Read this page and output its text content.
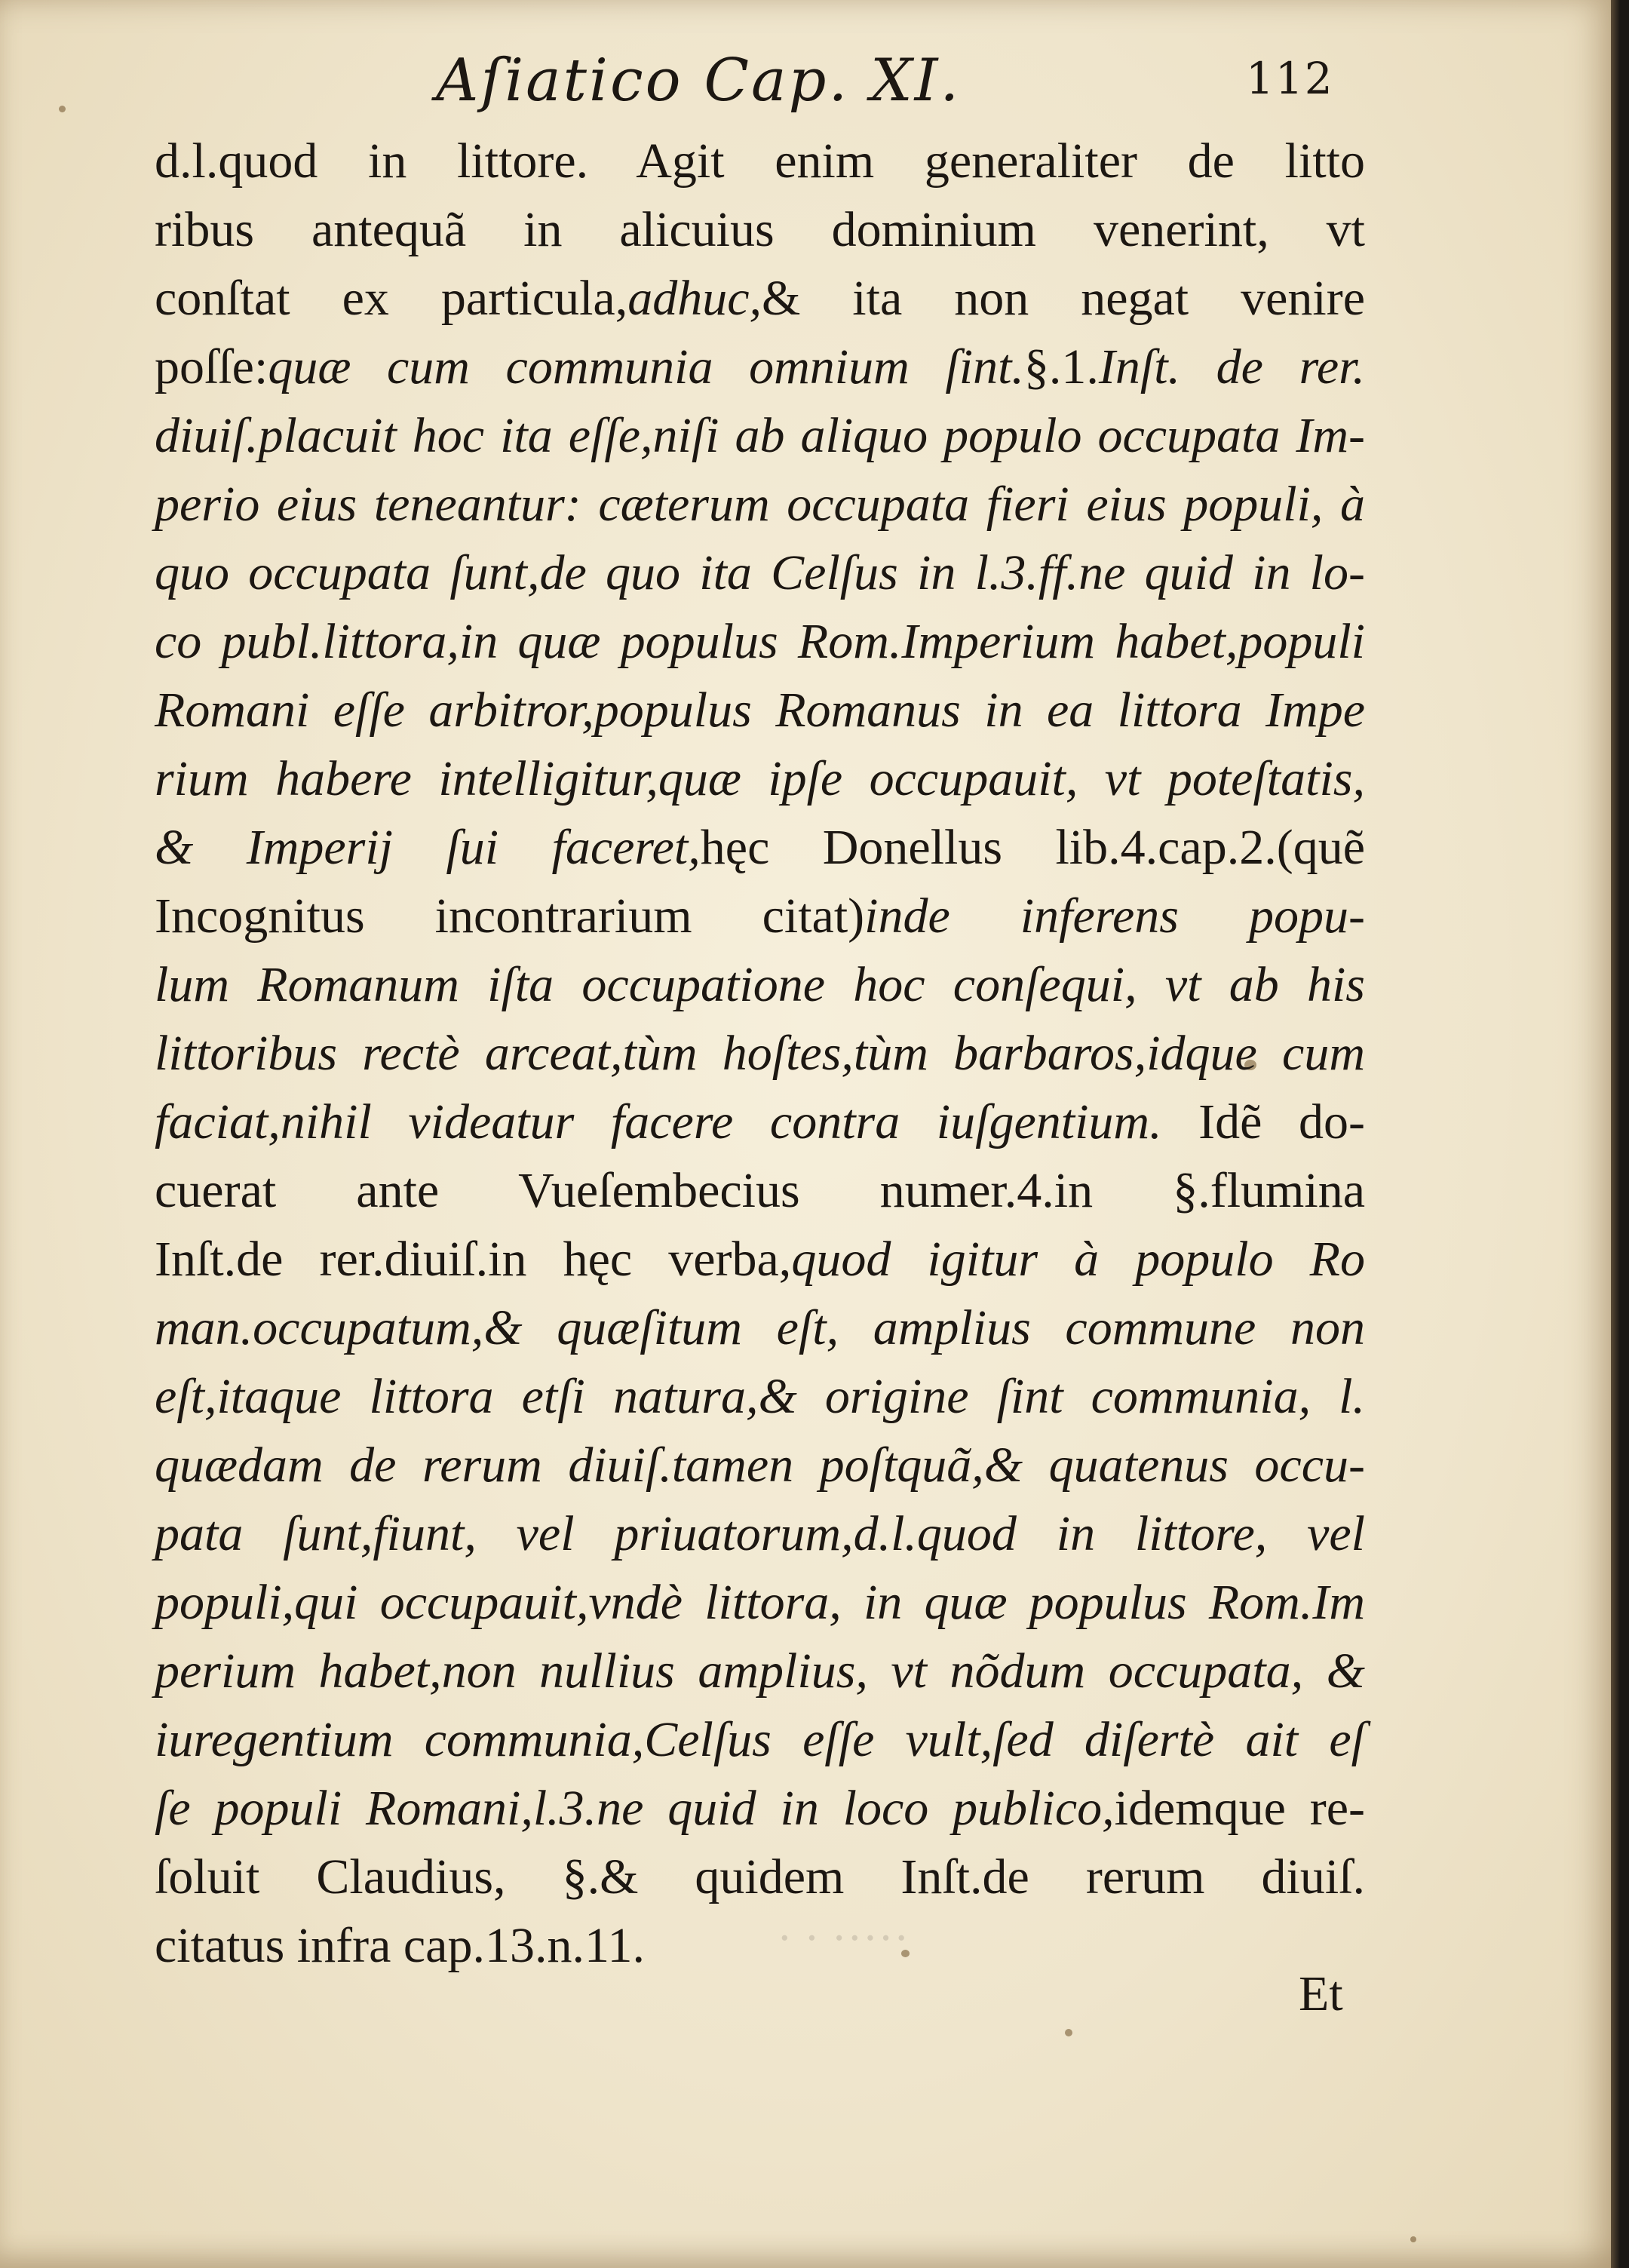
····· · ·
Aſiatico Cap. XI.	112
d.l.quod in littore. Agit enim generaliter de litto
ribus antequã in alicuius dominium venerint, vt
conſtat ex particula,adhuc,& ita non negat venire
poſſe:quæ cum communia omnium ſint.§.1.Inſt. de rer.
diuiſ.placuit hoc ita eſſe,niſi ab aliquo populo occupata Im-
perio eius teneantur: cæterum occupata fieri eius populi, à
quo occupata ſunt,de quo ita Celſus in l.3.ff.ne quid in lo-
co publ.littora,in quæ populus Rom.Imperium habet,populi
Romani eſſe arbitror,populus Romanus in ea littora Impe
rium habere intelligitur,quæ ipſe occupauit, vt poteſtatis,
& Imperij ſui faceret,hęc Donellus lib.4.cap.2.(quẽ
Incognitus incontrarium citat)inde inferens popu-
lum Romanum iſta occupatione hoc conſequi, vt ab his
littoribus rectè arceat,tùm hoſtes,tùm barbaros,idque cum
faciat,nihil videatur facere contra iuſgentium. Idẽ do-
cuerat ante Vueſembecius numer.4.in §.flumina
Inſt.de rer.diuiſ.in hęc verba,quod igitur à populo Ro
man.occupatum,& quæſitum eſt, amplius commune non
eſt,itaque littora etſi natura,& origine ſint communia, l.
quædam de rerum diuiſ.tamen poſtquã,& quatenus occu-
pata ſunt,fiunt, vel priuatorum,d.l.quod in littore, vel
populi,qui occupauit,vndè littora, in quæ populus Rom.Im
perium habet,non nullius amplius, vt nõdum occupata, &
iuregentium communia,Celſus eſſe vult,ſed diſertè ait eſ
ſe populi Romani,l.3.ne quid in loco publico,idemque re-
ſoluit Claudius, §.& quidem Inſt.de rerum diuiſ.
citatus infra cap.13.n.11.
Et
